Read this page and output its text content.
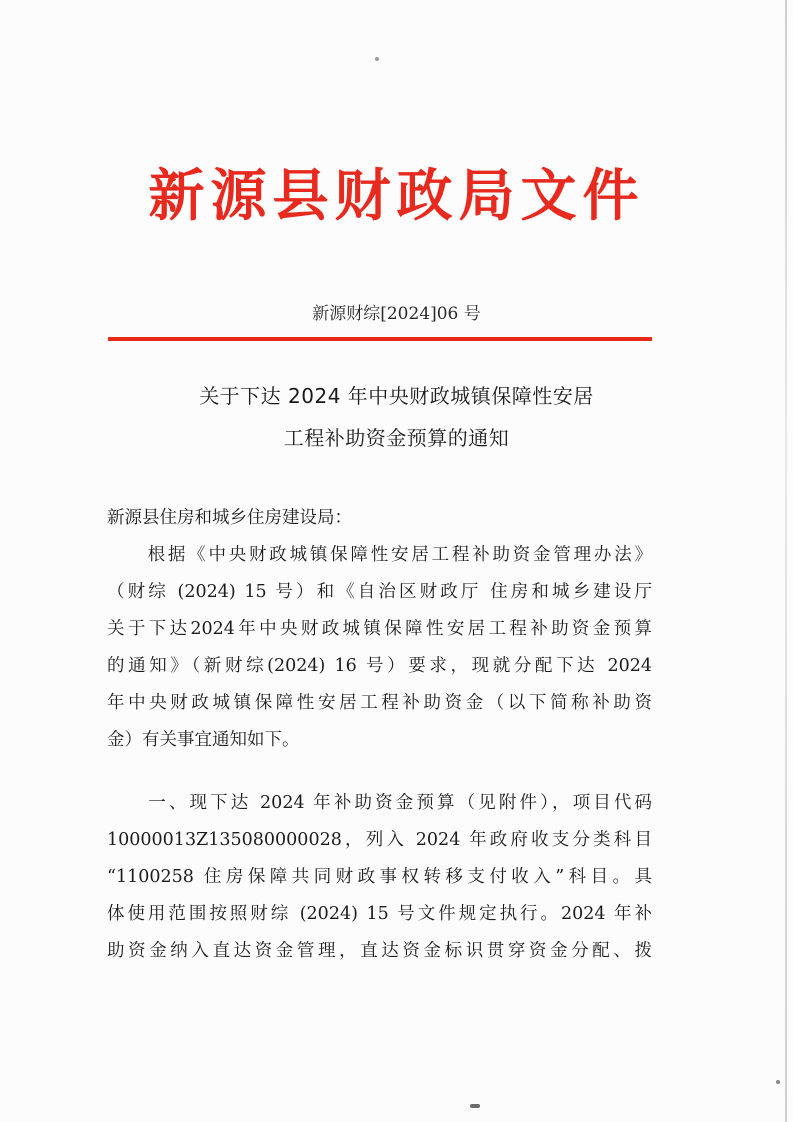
新源县财政局文件
新源财综[2024]06 号
关于下达 2024 年中央财政城镇保障性安居
工程补助资金预算的通知
新源县住房和城乡住房建设局：
　　根据《中央财政城镇保障性安居工程补助资金管理办法》
（财综 (2024) 15 号）和《自治区财政厅 住房和城乡建设厅
关于下达2024年中央财政城镇保障性安居工程补助资金预算
的通知》（新财综(2024) 16 号）要求，现就分配下达 2024
年中央财政城镇保障性安居工程补助资金（以下简称补助资
金）有关事宜通知如下。
　　一、现下达 2024 年补助资金预算（见附件），项目代码
10000013Z135080000028，列入 2024 年政府收支分类科目
“1100258 住房保障共同财政事权转移支付收入”科目。具
体使用范围按照财综 (2024) 15 号文件规定执行。2024 年补
助资金纳入直达资金管理，直达资金标识贯穿资金分配、拨
